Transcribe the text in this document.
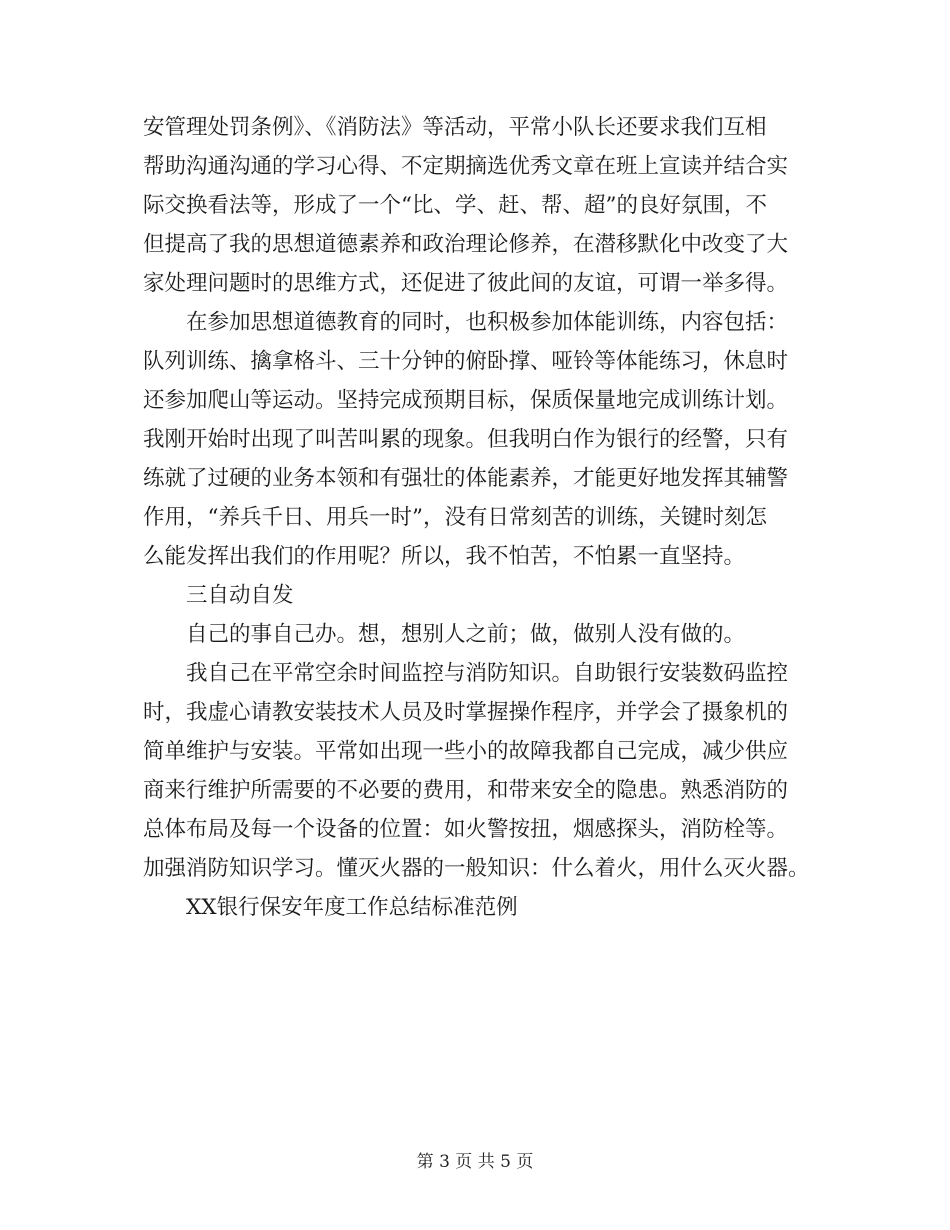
安管理处罚条例》、《消防法》等活动，平常小队长还要求我们互相
帮助沟通沟通的学习心得、不定期摘选优秀文章在班上宣读并结合实
际交换看法等，形成了一个“比、学、赶、帮、超”的良好氛围，不
但提高了我的思想道德素养和政治理论修养，在潜移默化中改变了大
家处理问题时的思维方式，还促进了彼此间的友谊，可谓一举多得。
在参加思想道德教育的同时，也积极参加体能训练，内容包括：
队列训练、擒拿格斗、三十分钟的俯卧撑、哑铃等体能练习，休息时
还参加爬山等运动。坚持完成预期目标，保质保量地完成训练计划。
我刚开始时出现了叫苦叫累的现象。但我明白作为银行的经警，只有
练就了过硬的业务本领和有强壮的体能素养，才能更好地发挥其辅警
作用，“养兵千日、用兵一时”，没有日常刻苦的训练，关键时刻怎
么能发挥出我们的作用呢？所以，我不怕苦，不怕累一直坚持。
三自动自发
自己的事自己办。想，想别人之前；做，做别人没有做的。
我自己在平常空余时间监控与消防知识。自助银行安装数码监控
时，我虚心请教安装技术人员及时掌握操作程序，并学会了摄象机的
简单维护与安装。平常如出现一些小的故障我都自己完成，减少供应
商来行维护所需要的不必要的费用，和带来安全的隐患。熟悉消防的
总体布局及每一个设备的位置：如火警按扭，烟感探头，消防栓等。
加强消防知识学习。懂灭火器的一般知识：什么着火，用什么灭火器。
XX银行保安年度工作总结标准范例
第 3 页 共 5 页
